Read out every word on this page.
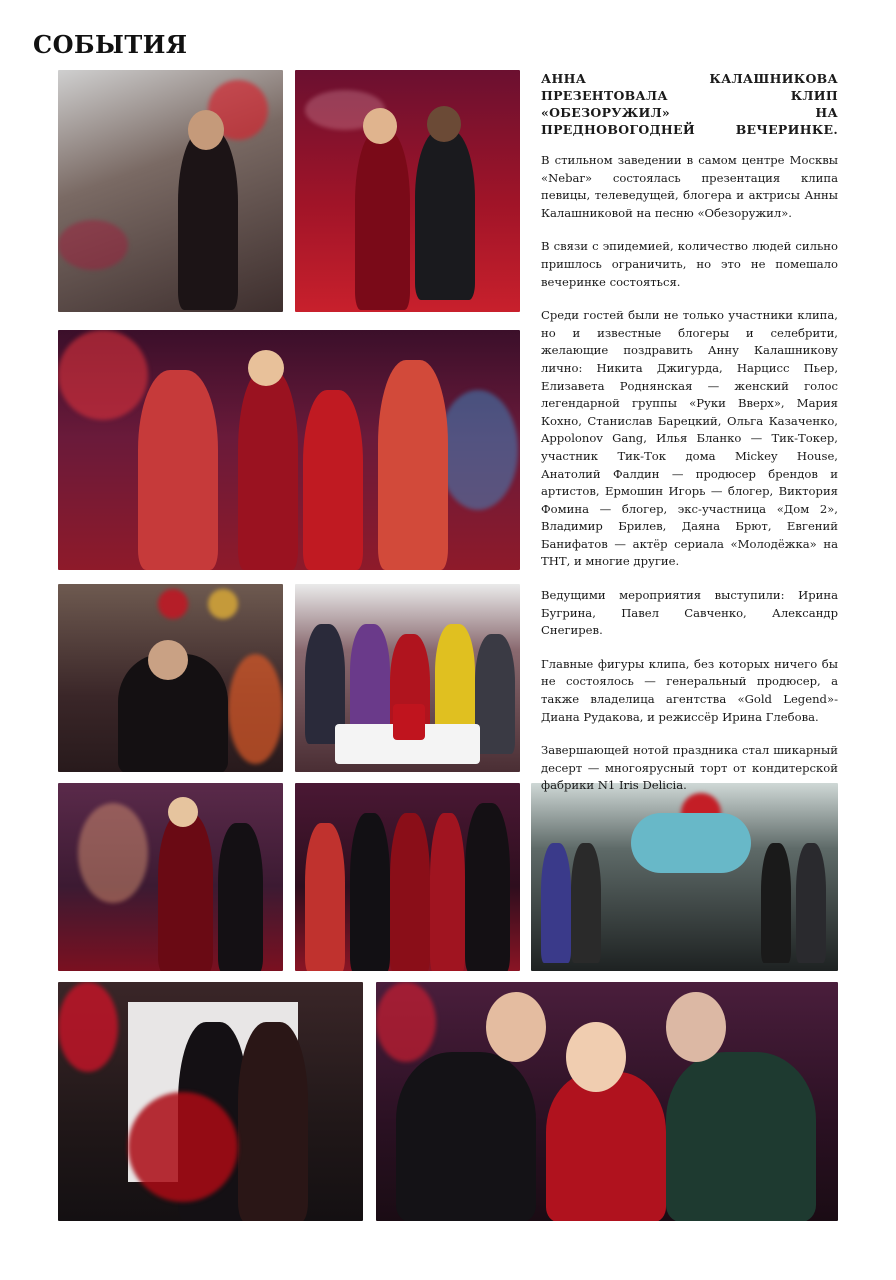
СОБЫТИЯ
АННА КАЛАШНИКОВА ПРЕЗЕНТОВАЛА КЛИП «ОБЕЗОРУЖИЛ» НА ПРЕДНОВОГОДНЕЙ ВЕЧЕРИНКЕ.

В стильном заведении в самом центре Москвы «Nebar» состоялась презентация клипа певицы, телеведущей, блогера и актрисы Анны Калашниковой на песню «Обезоружил».

В связи с эпидемией, количество людей сильно пришлось ограничить, но это не помешало вечеринке состояться.

Среди гостей были не только участники клипа, но и известные блогеры и селебрити, желающие поздравить Анну Калашникову лично: Никита Джигурда, Нарцисс Пьер, Елизавета Роднянская — женский голос легендарной группы «Руки Вверх», Мария Кохно, Станислав Барецкий, Ольга Казаченко, Appolonov Gang, Илья Бланко — Тик-Токер, участник Тик-Ток дома Mickey House, Анатолий Фалдин — продюсер брендов и артистов, Ермошин Игорь — блогер, Виктория Фомина — блогер, экс-участница «Дом 2», Владимир Брилев, Даяна Брют, Евгений Банифатов — актёр сериала «Молодёжка» на ТНТ, и многие другие.

Ведущими мероприятия выступили: Ирина Бугрина, Павел Савченко, Александр Снегирев.

Главные фигуры клипа, без которых ничего бы не состоялось — генеральный продюсер, а также владелица агентства «Gold Legend»- Диана Рудакова, и режиссёр Ирина Глебова.

Завершающей нотой праздника стал шикарный десерт — многоярусный торт от кондитерской фабрики N1 Iris Delicia.
